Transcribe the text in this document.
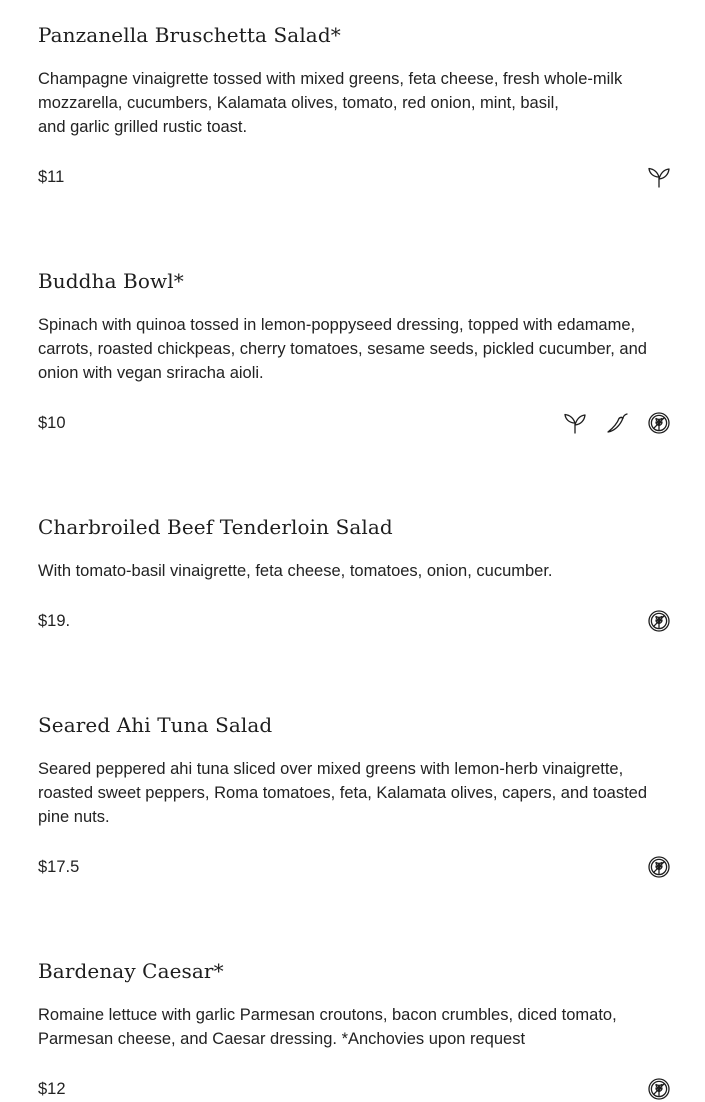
Panzanella Bruschetta Salad*

Champagne vinaigrette tossed with mixed greens, feta cheese, fresh whole-milk
mozzarella, cucumbers, Kalamata olives, tomato, red onion, mint, basil,
and garlic grilled rustic toast.

$11
Buddha Bowl*

Spinach with quinoa tossed in lemon-poppyseed dressing, topped with edamame,
carrots, roasted chickpeas, cherry tomatoes, sesame seeds, pickled cucumber, and
onion with vegan sriracha aioli.

$10
Charbroiled Beef Tenderloin Salad

With tomato-basil vinaigrette, feta cheese, tomatoes, onion, cucumber.

$19.
Seared Ahi Tuna Salad

Seared peppered ahi tuna sliced over mixed greens with lemon-herb vinaigrette,
roasted sweet peppers, Roma tomatoes, feta, Kalamata olives, capers, and toasted
pine nuts.

$17.5
Bardenay Caesar*

Romaine lettuce with garlic Parmesan croutons, bacon crumbles, diced tomato,
Parmesan cheese, and Caesar dressing. *Anchovies upon request

$12
